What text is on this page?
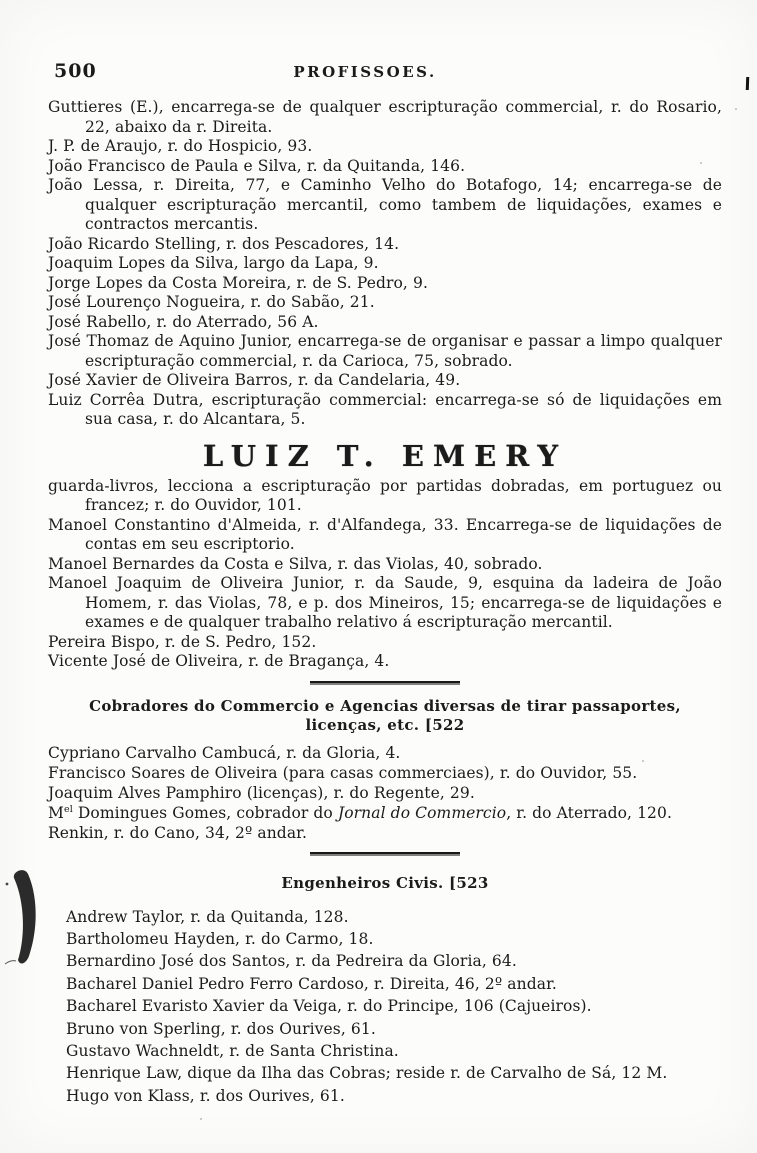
500	PROFISSOES.

Guttieres (E.), encarrega-se de qualquer escripturação commercial, r. do Rosario, 22, abaixo da r. Direita.

J. P. de Araujo, r. do Hospicio, 93.

João Francisco de Paula e Silva, r. da Quitanda, 146.

João Lessa, r. Direita, 77, e Caminho Velho do Botafogo, 14; encarrega-se de qualquer escripturação mercantil, como tambem de liquidações, exames e contractos mercantis.

João Ricardo Stelling, r. dos Pescadores, 14.

Joaquim Lopes da Silva, largo da Lapa, 9.

Jorge Lopes da Costa Moreira, r. de S. Pedro, 9.

José Lourenço Nogueira, r. do Sabão, 21.

José Rabello, r. do Aterrado, 56 A.

José Thomaz de Aquino Junior, encarrega-se de organisar e passar a limpo qualquer escripturação commercial, r. da Carioca, 75, sobrado.

José Xavier de Oliveira Barros, r. da Candelaria, 49.

Luiz Corrêa Dutra, escripturação commercial: encarrega-se só de liquidações em sua casa, r. do Alcantara, 5.

LUIZ T. EMERY

guarda-livros, lecciona a escripturação por partidas dobradas, em portuguez ou francez; r. do Ouvidor, 101.

Manoel Constantino d'Almeida, r. d'Alfandega, 33. Encarrega-se de liquidações de contas em seu escriptorio.

Manoel Bernardes da Costa e Silva, r. das Violas, 40, sobrado.

Manoel Joaquim de Oliveira Junior, r. da Saude, 9, esquina da ladeira de João Homem, r. das Violas, 78, e p. dos Mineiros, 15; encarrega-se de liquidações e exames e de qualquer trabalho relativo á escripturação mercantil.

Pereira Bispo, r. de S. Pedro, 152.

Vicente José de Oliveira, r. de Bragança, 4.

Cobradores do Commercio e Agencias diversas de tirar passaportes,
licenças, etc. [522

Cypriano Carvalho Cambucá, r. da Gloria, 4.

Francisco Soares de Oliveira (para casas commerciaes), r. do Ouvidor, 55.

Joaquim Alves Pamphiro (licenças), r. do Regente, 29.

$M^{el}$ Domingues Gomes, cobrador do Jornal do Commercio, r. do Aterrado, 120.

Renkin, r. do Cano, 34, 2º andar.

Engenheiros Civis. [523

Andrew Taylor, r. da Quitanda, 128.

Bartholomeu Hayden, r. do Carmo, 18.

Bernardino José dos Santos, r. da Pedreira da Gloria, 64.

Bacharel Daniel Pedro Ferro Cardoso, r. Direita, 46, 2º andar.

Bacharel Evaristo Xavier da Veiga, r. do Principe, 106 (Cajueiros).

Bruno von Sperling, r. dos Ourives, 61.

Gustavo Wachneldt, r. de Santa Christina.

Henrique Law, dique da Ilha das Cobras; reside r. de Carvalho de Sá, 12 M.

Hugo von Klass, r. dos Ourives, 61.
